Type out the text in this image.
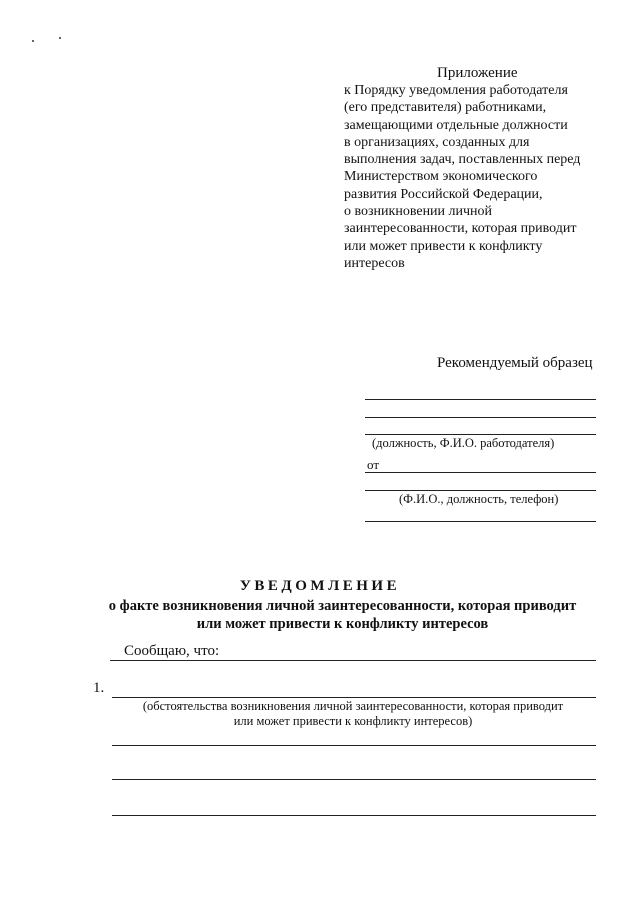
Приложение
к Порядку уведомления работодателя
(его представителя) работниками,
замещающими отдельные должности
в организациях, созданных для
выполнения задач, поставленных перед
Министерством экономического
развития Российской Федерации,
о возникновении личной
заинтересованности, которая приводит
или может привести к конфликту
интересов
Рекомендуемый образец
(должность, Ф.И.О. работодателя)
от
(Ф.И.О., должность, телефон)
УВЕДОМЛЕНИЕ
о факте возникновения личной заинтересованности, которая приводит
или может привести к конфликту интересов
Сообщаю, что:
1.
(обстоятельства возникновения личной заинтересованности, которая приводит
или может привести к конфликту интересов)
